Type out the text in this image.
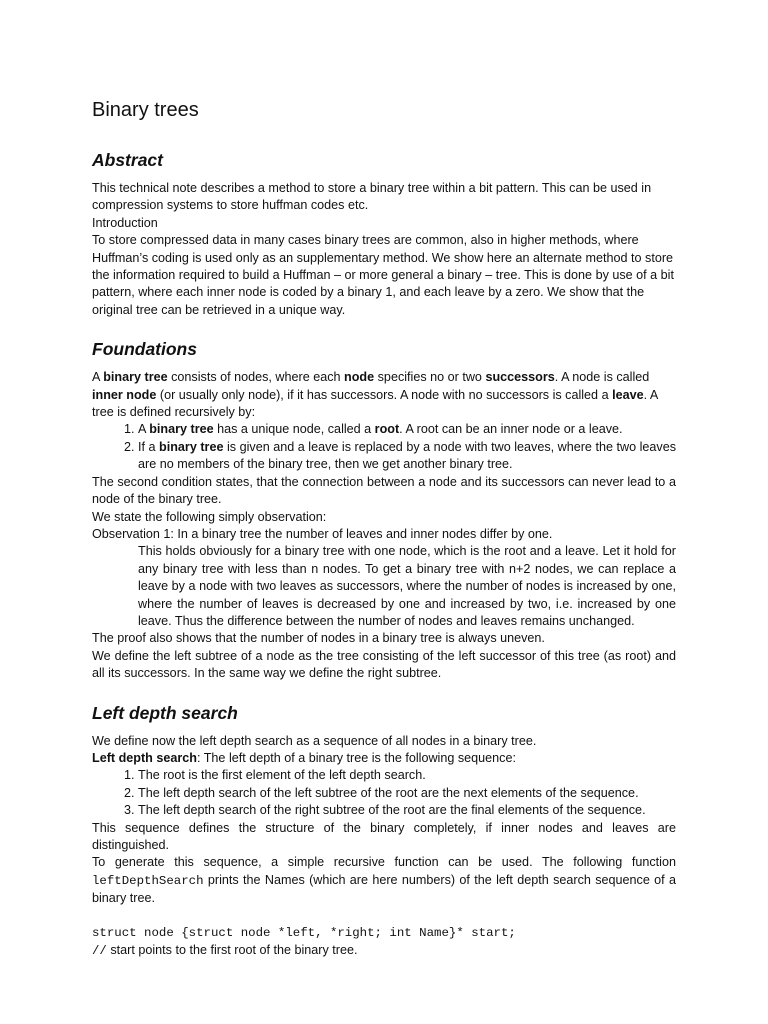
Binary trees
Abstract

This technical note describes a method to store a binary tree within a bit pattern. This can be used in compression systems to store huffman codes etc.

Introduction

To store compressed data in many cases binary trees are common, also in higher methods, where Huffman’s coding is used only as an supplementary method. We show here an alternate method to store the information required to build a Huffman – or more general a binary – tree. This is done by use of a bit pattern, where each inner node is coded by a binary 1, and each leave by a zero. We show that the original tree can be retrieved in a unique way.

Foundations

A binary tree consists of nodes, where each node specifies no or two successors. A node is called inner node (or usually only node), if it has successors. A node with no successors is called a leave. A tree is defined recursively by:

1. A binary tree has a unique node, called a root. A root can be an inner node or a leave.
2. If a binary tree is given and a leave is replaced by a node with two leaves, where the two leaves are no members of the binary tree, then we get another binary tree.

The second condition states, that the connection between a node and its successors can never lead to a node of the binary tree.

We state the following simply observation:

Observation 1: In a binary tree the number of leaves and inner nodes differ by one.

This holds obviously for a binary tree with one node, which is the root and a leave. Let it hold for any binary tree with less than n nodes. To get a binary tree with n+2 nodes, we can replace a leave by a node with two leaves as successors, where the number of nodes is increased by one, where the number of leaves is decreased by one and increased by two, i.e. increased by one leave. Thus the difference between the number of nodes and leaves remains unchanged.

The proof also shows that the number of nodes in a binary tree is always uneven.

We define the left subtree of a node as the tree consisting of the left successor of this tree (as root) and all its successors. In the same way we define the right subtree.

Left depth search

We define now the left depth search as a sequence of all nodes in a binary tree.

Left depth search: The left depth of a binary tree is the following sequence:

1. The root is the first element of the left depth search.
2. The left depth search of the left subtree of the root are the next elements of the sequence.
3. The left depth search of the right subtree of the root are the final elements of the sequence.

This sequence defines the structure of the binary completely, if inner nodes and leaves are distinguished.

To generate this sequence, a simple recursive function can be used. The following function leftDepthSearch prints the Names (which are here numbers) of the left depth search sequence of a binary tree.

struct node {struct node *left, *right; int Name}* start;

// start points to the first root of the binary tree.
